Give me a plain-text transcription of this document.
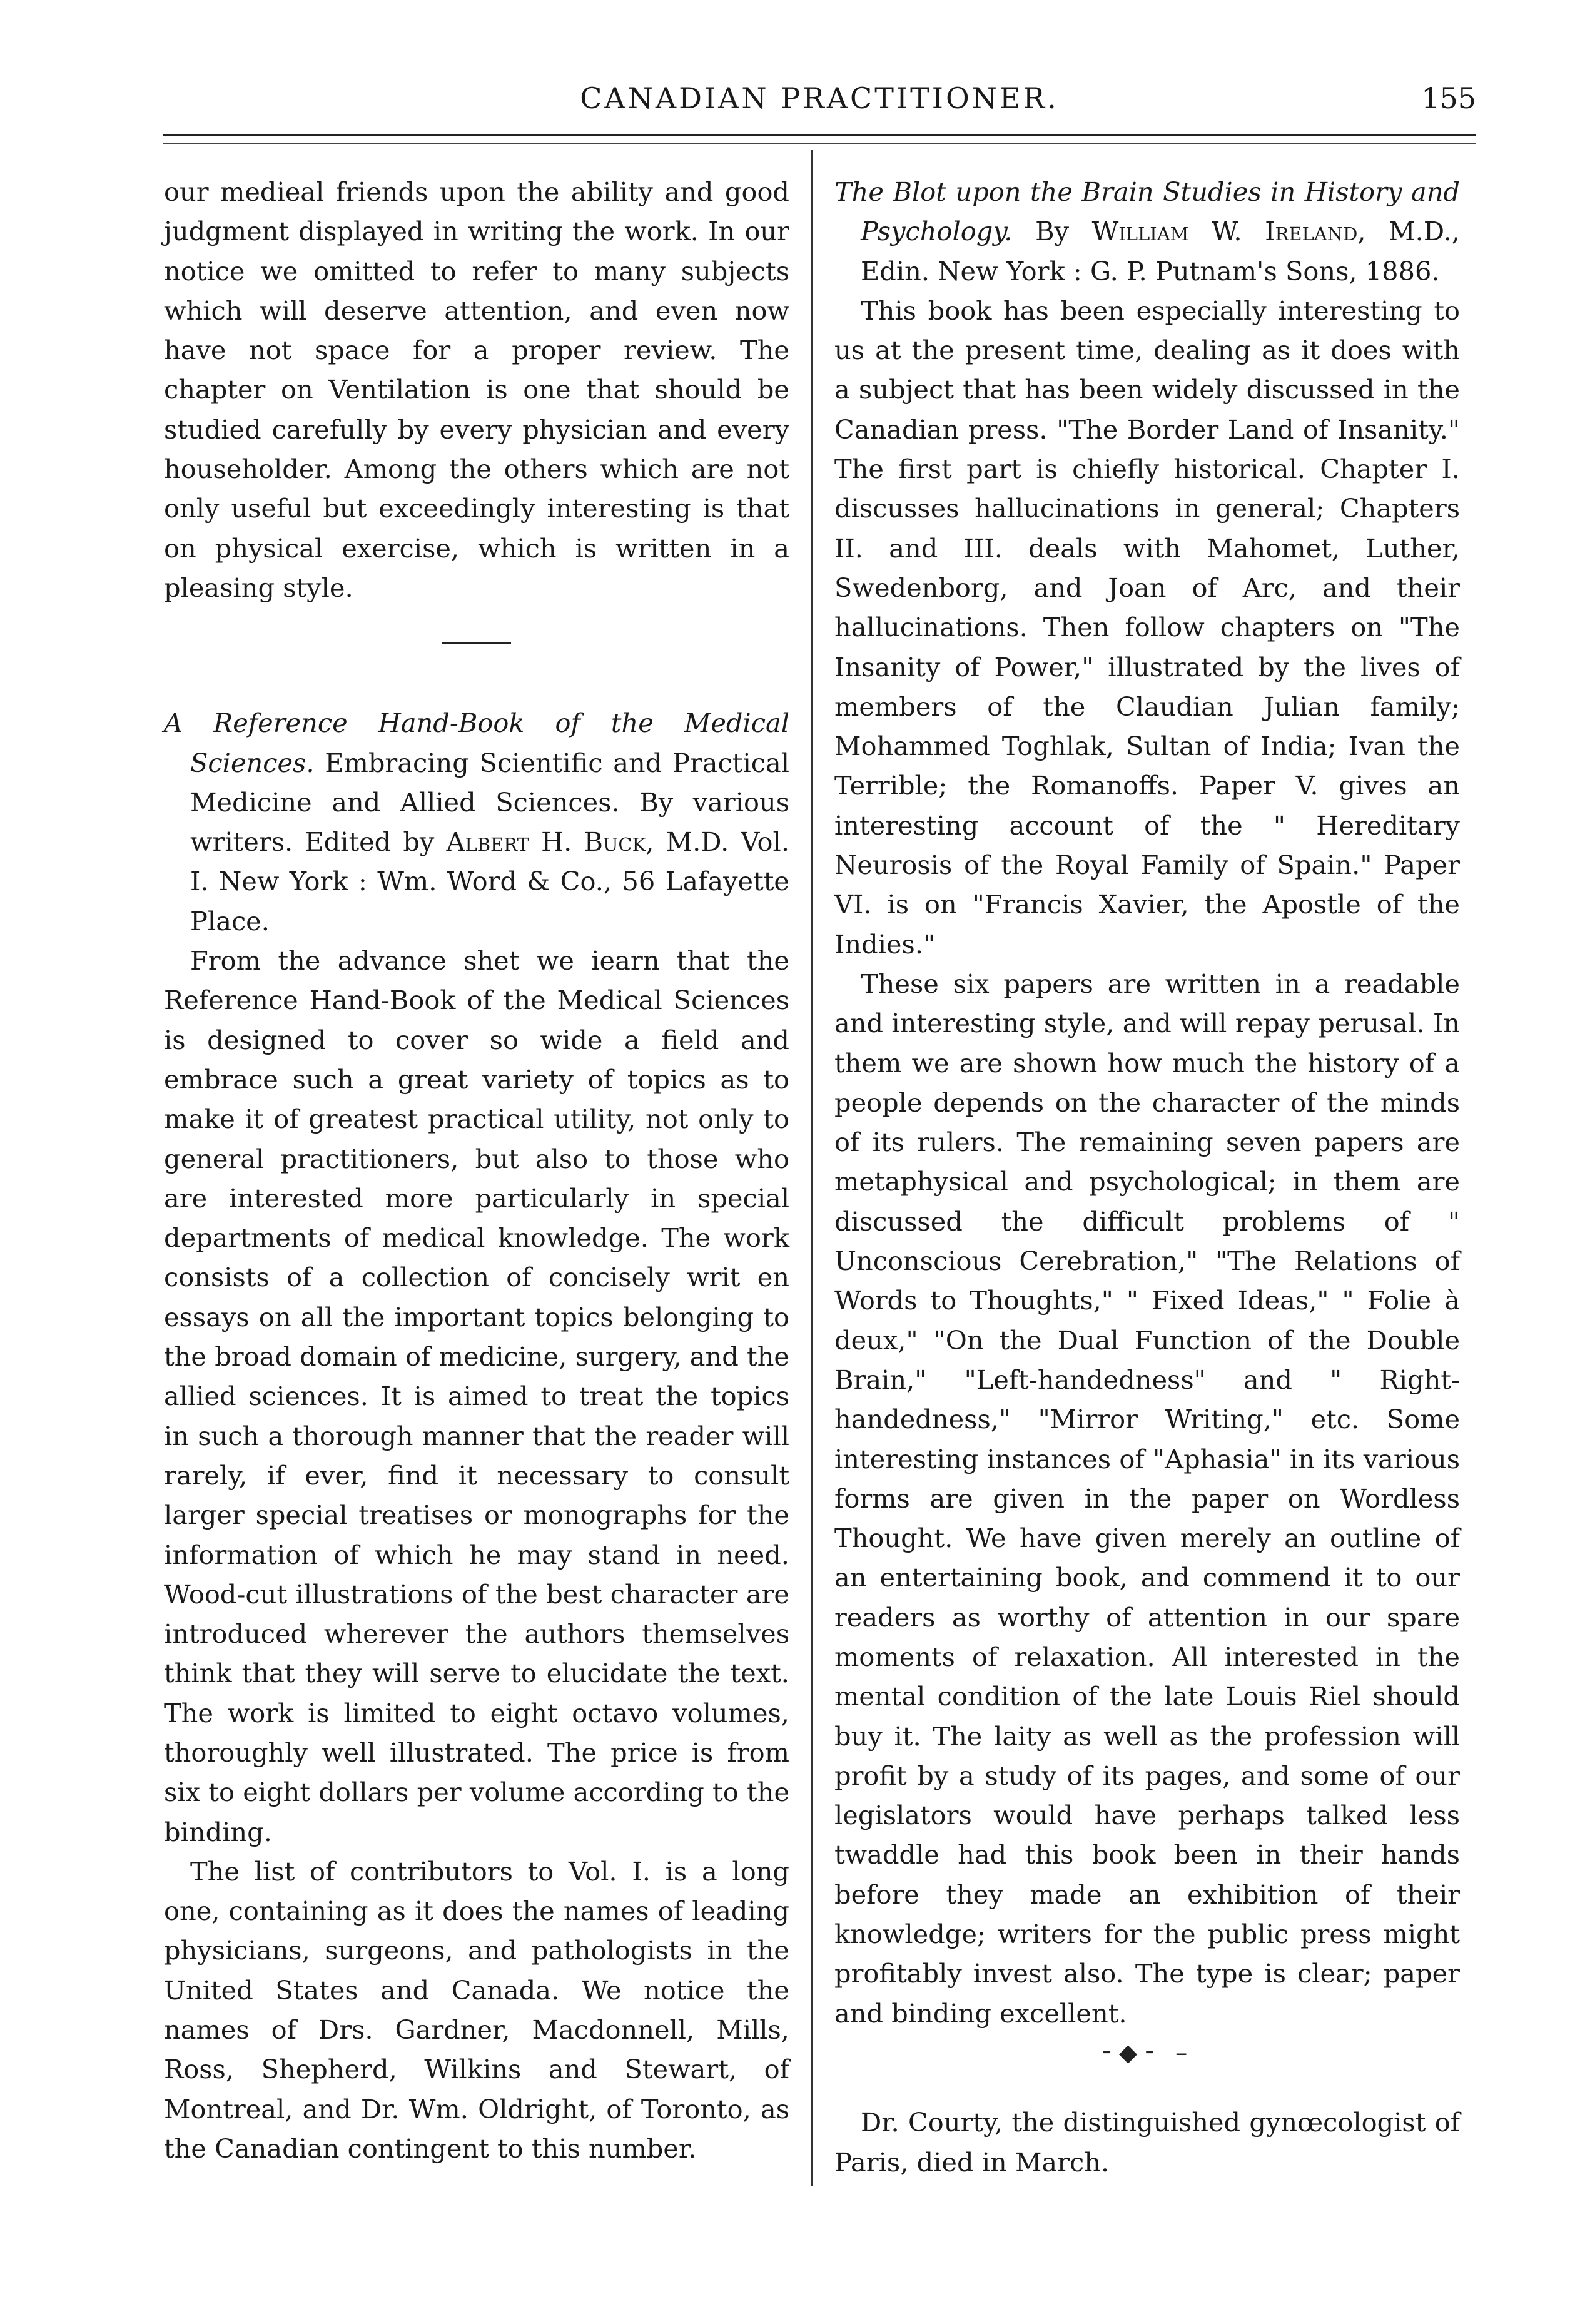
CANADIAN PRACTITIONER.	155

our medieal friends upon the ability and good judgment displayed in writing the work. In our notice we omitted to refer to many subjects which will deserve attention, and even now have not space for a proper review. The chapter on Ventilation is one that should be studied carefully by every physician and every householder. Among the others which are not only useful but exceedingly interesting is that on physical exercise, which is written in a pleasing style.

A Reference Hand-Book of the Medical Sciences. Embracing Scientific and Practical Medicine and Allied Sciences. By various writers. Edited by Albert H. Buck, M.D. Vol. I. New York : Wm. Word & Co., 56 Lafayette Place.

From the advance shet we iearn that the Reference Hand-Book of the Medical Sciences is designed to cover so wide a field and embrace such a great variety of topics as to make it of greatest practical utility, not only to general practitioners, but also to those who are interested more particularly in special departments of medical knowledge. The work consists of a collection of concisely writ en essays on all the important topics belonging to the broad domain of medicine, surgery, and the allied sciences. It is aimed to treat the topics in such a thorough manner that the reader will rarely, if ever, find it necessary to consult larger special treatises or monographs for the information of which he may stand in need. Wood-cut illustrations of the best character are introduced wherever the authors themselves think that they will serve to elucidate the text. The work is limited to eight octavo volumes, thoroughly well illustrated. The price is from six to eight dollars per volume according to the binding.

The list of contributors to Vol. I. is a long one, containing as it does the names of leading physicians, surgeons, and pathologists in the United States and Canada. We notice the names of Drs. Gardner, Macdonnell, Mills, Ross, Shepherd, Wilkins and Stewart, of Montreal, and Dr. Wm. Oldright, of Toronto, as the Canadian contingent to this number.

The Blot upon the Brain Studies in History and Psychology. By William W. Ireland, M.D., Edin. New York : G. P. Putnam's Sons, 1886.

This book has been especially interesting to us at the present time, dealing as it does with a subject that has been widely discussed in the Canadian press. "The Border Land of Insanity." The first part is chiefly historical. Chapter I. discusses hallucinations in general; Chapters II. and III. deals with Mahomet, Luther, Swedenborg, and Joan of Arc, and their hallucinations. Then follow chapters on "The Insanity of Power," illustrated by the lives of members of the Claudian Julian family; Mohammed Toghlak, Sultan of India; Ivan the Terrible; the Romanoffs. Paper V. gives an interesting account of the " Hereditary Neurosis of the Royal Family of Spain." Paper VI. is on "Francis Xavier, the Apostle of the Indies."

These six papers are written in a readable and interesting style, and will repay perusal. In them we are shown how much the history of a people depends on the character of the minds of its rulers. The remaining seven papers are metaphysical and psychological; in them are discussed the difficult problems of " Unconscious Cerebration," "The Relations of Words to Thoughts," " Fixed Ideas," " Folie à deux," "On the Dual Function of the Double Brain," "Left-handedness" and " Right-handedness," "Mirror Writing," etc. Some interesting instances of "Aphasia" in its various forms are given in the paper on Wordless Thought. We have given merely an outline of an entertaining book, and commend it to our readers as worthy of attention in our spare moments of relaxation. All interested in the mental condition of the late Louis Riel should buy it. The laity as well as the profession will profit by a study of its pages, and some of our legislators would have perhaps talked less twaddle had this book been in their hands before they made an exhibition of their knowledge; writers for the public press might profitably invest also. The type is clear; paper and binding excellent.

⁃◆⁃ –

Dr. Courty, the distinguished gynœcologist of Paris, died in March.
